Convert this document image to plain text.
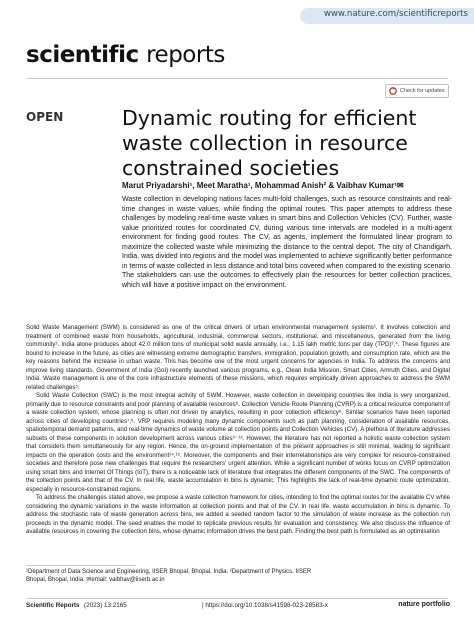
www.nature.com/scientificreports
scientific reports
Check for updates
OPEN	Dynamic routing for efficient waste collection in resource constrained societies
Marut Priyadarshi¹, Meet Maratha¹, Mohammad Anish² & Vaibhav Kumar¹✉

Waste collection in developing nations faces multi-fold challenges, such as resource constraints and real-time changes in waste values, while finding the optimal routes. This paper attempts to address these challenges by modeling real-time waste values in smart bins and Collection Vehicles (CV). Further, waste value prioritized routes for coordinated CV, during various time intervals are modeled in a multi-agent environment for finding good routes. The CV, as agents, implement the formulated linear program to maximize the collected waste while minimizing the distance to the central depot. The city of Chandigarh, India, was divided into regions and the model was implemented to achieve significantly better performance in terms of waste collected in less distance and total bins covered when compared to the existing scenario. The stakeholders can use the outcomes to effectively plan the resources for better collection practices, which will have a positive impact on the environment.

Solid Waste Management (SWM) is considered as one of the critical drivers of urban environmental management systems¹. It involves collection and treatment of combined waste from households, agricultural, industrial, commercial sectors, institutional, and miscellaneous, generated from the living community². India alone produces about 42.0 million tons of municipal solid waste annually, i.e., 1.15 lakh metric tons per day (TPD)³,⁴. These figures are bound to increase in the future, as cities are witnessing extreme demographic transfers, immigration, population growth, and consumption rate, which are the key reasons behind the increase in urban waste. This has become one of the most urgent concerns for agencies in India. To address the concerns and improve living standards, Government of India (GoI) recently launched various programs, e.g., Clean India Mission, Smart Cities, Amruth Cities, and Digital India. Waste management is one of the core infrastructure elements of these missions, which requires empirically driven approaches to address the SWM related challenges⁵.

Solid Waste Collection (SWC) is the most integral activity of SWM. However, waste collection in developing countries like India is very unorganized, primarily due to resource constraints and poor planning of available resources⁶. Collection Vehicle Route Planning (CVRP) is a critical resource component of a waste collection system, whose planning is often not driven by analytics, resulting in poor collection efficiency⁶. Similar scenarios have been reported across cities of developing countries⁷,⁸. VRP requires modeling many dynamic components such as path planning, consideration of available resources, spatiotemporal demand patterns, and real-time dynamics of waste volume at collection points and Collection Vehicles (CV). A plethora of literature addresses subsets of these components in solution development across various cities⁹⁻¹³. However, the literature has not reported a holistic waste collection system that considers them simultaneously for any region. Hence, the on-ground implementation of the present approaches is still minimal, leading to significant impacts on the operation costs and the environment¹⁴,¹⁵. Moreover, the components and their interrelationships are very complex for resource-constrained societies and therefore pose new challenges that require the researchers' urgent attention. While a significant number of works focus on CVRP optimization using smart bins and Internet Of Things (IoT), there is a noticeable lack of literature that integrates the different components of the SWC. The components of the collection points and that of the CV. In real life, waste accumulation in bins is dynamic. This highlights the lack of real-time dynamic route optimization, especially in resource-constrained regions.

To address the challenges stated above, we propose a waste collection framework for cities, intending to find the optimal routes for the available CV while considering the dynamic variations in the waste information at collection points and that of the CV. In real life, waste accumulation in bins is dynamic. To address the stochastic rate of waste generation across bins, we added a seeded random factor to the simulation of waste increase as the collection run proceeds in the dynamic model. The seed enables the model to replicate previous results for evaluation and consistency. We also discuss the influence of available resources in covering the collection bins, whose dynamic information drives the best path. Finding the best path is formulated as an optimisation

¹Department of Data Science and Engineering, IISER Bhopal, Bhopal, India. ²Department of Physics, IISER Bhopal, Bhopal, India. ✉email: vaibhav@iiserb.ac.in
Scientific Reports (2023) 13:2165	| https://doi.org/10.1038/s41598-023-28583-x	nature portfolio
